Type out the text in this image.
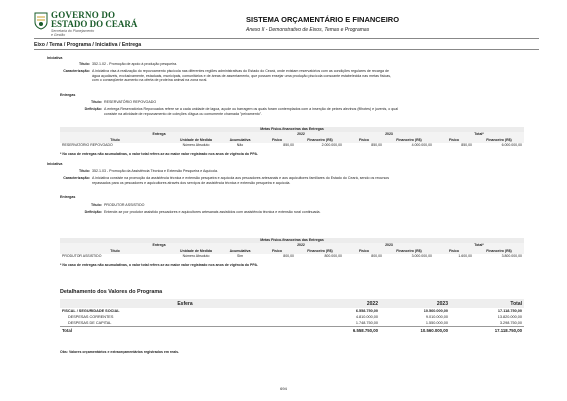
GOVERNO DO
ESTADO DO CEARÁ
Secretaria do Planejamento
e Gestão
SISTEMA ORÇAMENTÁRIO E FINANCEIRO
Anexo II - Demonstrativo de Eixos, Temas e Programas
Eixo / Tema / Programa / Iniciativa / Entrega
Iniciativa
Título: 352.1.02 - Promoção de apoio à produção pesqueira.
Caracterização: A iniciativa visa à realização do repovoamento piscícola nas diferentes regiões administrativas do Estado do Ceará, onde existam reservatórios com as condições regulares de recarga de
água açudáveis, exclusivamente, estaduais, municipais, comunitários e de áreas de assentamento, que possam ensejar uma produção piscícola consoante estabelecida nas metas físicas,
com o conseqüente aumento na oferta de proteína animal na zona rural.
Entregas
Título: RESERVATÓRIO REPOVOADO
Definição: A entrega Reservatórios Repovoados refere se a cada unidade de lagoa, açude ou barragem os quais foram contemplados com a inserção de peixes alevinos (filhotes) e juvenis, o qual
consiste na atividade de repovoamento de coleções d'água ou comumente chamada "peixamento".
Metas Físico-financeiras das Entregas								
Entrega			2022		2023		Total*	
Título	Unidade de Medida	Acumulativa	Físico	Financeiro (R$)	Físico	Financeiro (R$)	Físico	Financeiro (R$)
RESERVATÓRIO REPOVOADO	Número Absoluto	Não	850,00	2.000.000,00	850,00	4.000.000,00	850,00	6.000.000,00
* No caso de entregas não acumulativas, o valor total refere-se ao maior valor registrado nos anos de vigência do PPA.
Iniciativa
Título: 352.1.03 - Promoção da Assistência Técnica e Extensão Pesqueira e Aquícola.
Caracterização: A iniciativa consiste na promoção da assistência técnica e extensão pesqueira e aquícola aos pescadores artesanais e aos aquicultores familiares do Estado do Ceará, sendo os recursos
repassados para os pescadores e aquicultores através dos serviços de assistência técnica e extensão pesqueira e aquícola.
Entregas
Título: PRODUTOR ASSISTIDO
Definição: Entende-se por produtor assistido pescadores e aquicultores artesanais assistidos com assistência técnica e extensão rural continuada.
Metas Físico-financeiras das Entregas								
Entrega			2022		2023		Total*	
Título	Unidade de Medida	Acumulativa	Físico	Financeiro (R$)	Físico	Financeiro (R$)	Físico	Financeiro (R$)
PRODUTOR ASSISTIDO	Número Absoluto	Sim	800,00	800.000,00	800,00	3.000.000,00	1.600,00	3.800.000,00
* No caso de entregas não acumulativas, o valor total refere-se ao maior valor registrado nos anos de vigência do PPA.
Detalhamento dos Valores do Programa
Esfera	2022	2023	Total
FISCAL / SEGURIDADE SOCIAL	6.558.750,00	10.560.000,00	17.118.750,00
DESPESAS CORRENTES	4.810.000,00	9.010.000,00	13.820.000,00
DESPESAS DE CAPITAL	1.748.750,00	1.550.000,00	3.298.750,00
Total	6.558.750,00	10.560.000,00	17.118.750,00
Obs: Valores orçamentários e extraorçamentários registrados em reais.
694
